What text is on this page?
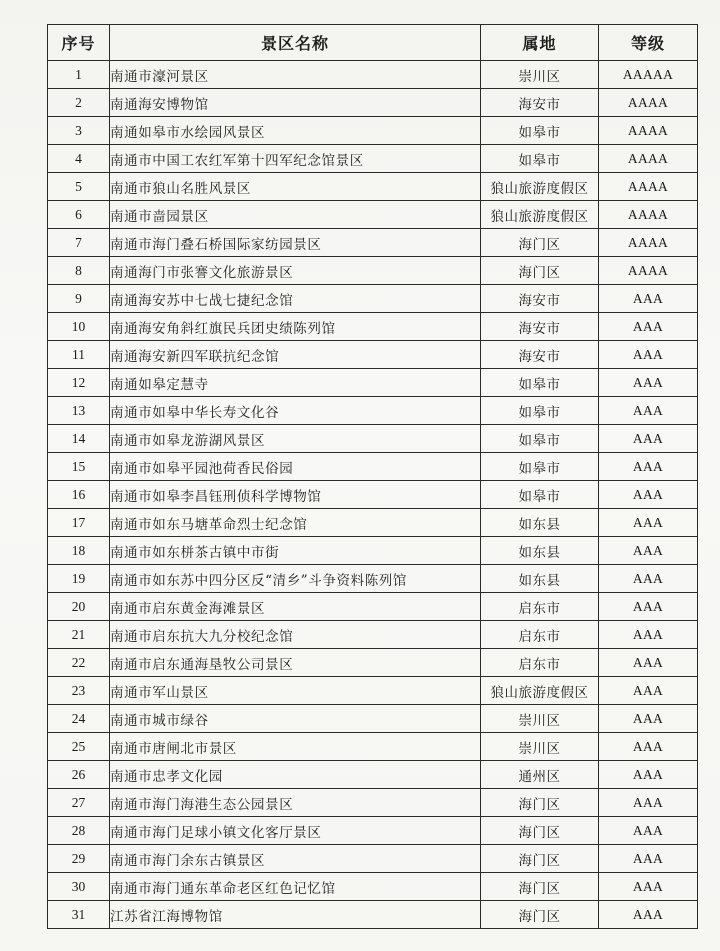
序号	景区名称	属地	等级
1	南通市濠河景区	崇川区	AAAAA
2	南通海安博物馆	海安市	AAAA
3	南通如皋市水绘园风景区	如皋市	AAAA
4	南通市中国工农红军第十四军纪念馆景区	如皋市	AAAA
5	南通市狼山名胜风景区	狼山旅游度假区	AAAA
6	南通市啬园景区	狼山旅游度假区	AAAA
7	南通市海门叠石桥国际家纺园景区	海门区	AAAA
8	南通海门市张謇文化旅游景区	海门区	AAAA
9	南通海安苏中七战七捷纪念馆	海安市	AAA
10	南通海安角斜红旗民兵团史绩陈列馆	海安市	AAA
11	南通海安新四军联抗纪念馆	海安市	AAA
12	南通如皋定慧寺	如皋市	AAA
13	南通市如皋中华长寿文化谷	如皋市	AAA
14	南通市如皋龙游湖风景区	如皋市	AAA
15	南通市如皋平园池荷香民俗园	如皋市	AAA
16	南通市如皋李昌钰刑侦科学博物馆	如皋市	AAA
17	南通市如东马塘革命烈士纪念馆	如东县	AAA
18	南通市如东栟茶古镇中市街	如东县	AAA
19	南通市如东苏中四分区反“清乡”斗争资料陈列馆	如东县	AAA
20	南通市启东黄金海滩景区	启东市	AAA
21	南通市启东抗大九分校纪念馆	启东市	AAA
22	南通市启东通海垦牧公司景区	启东市	AAA
23	南通市军山景区	狼山旅游度假区	AAA
24	南通市城市绿谷	崇川区	AAA
25	南通市唐闸北市景区	崇川区	AAA
26	南通市忠孝文化园	通州区	AAA
27	南通市海门海港生态公园景区	海门区	AAA
28	南通市海门足球小镇文化客厅景区	海门区	AAA
29	南通市海门余东古镇景区	海门区	AAA
30	南通市海门通东革命老区红色记忆馆	海门区	AAA
31	江苏省江海博物馆	海门区	AAA
